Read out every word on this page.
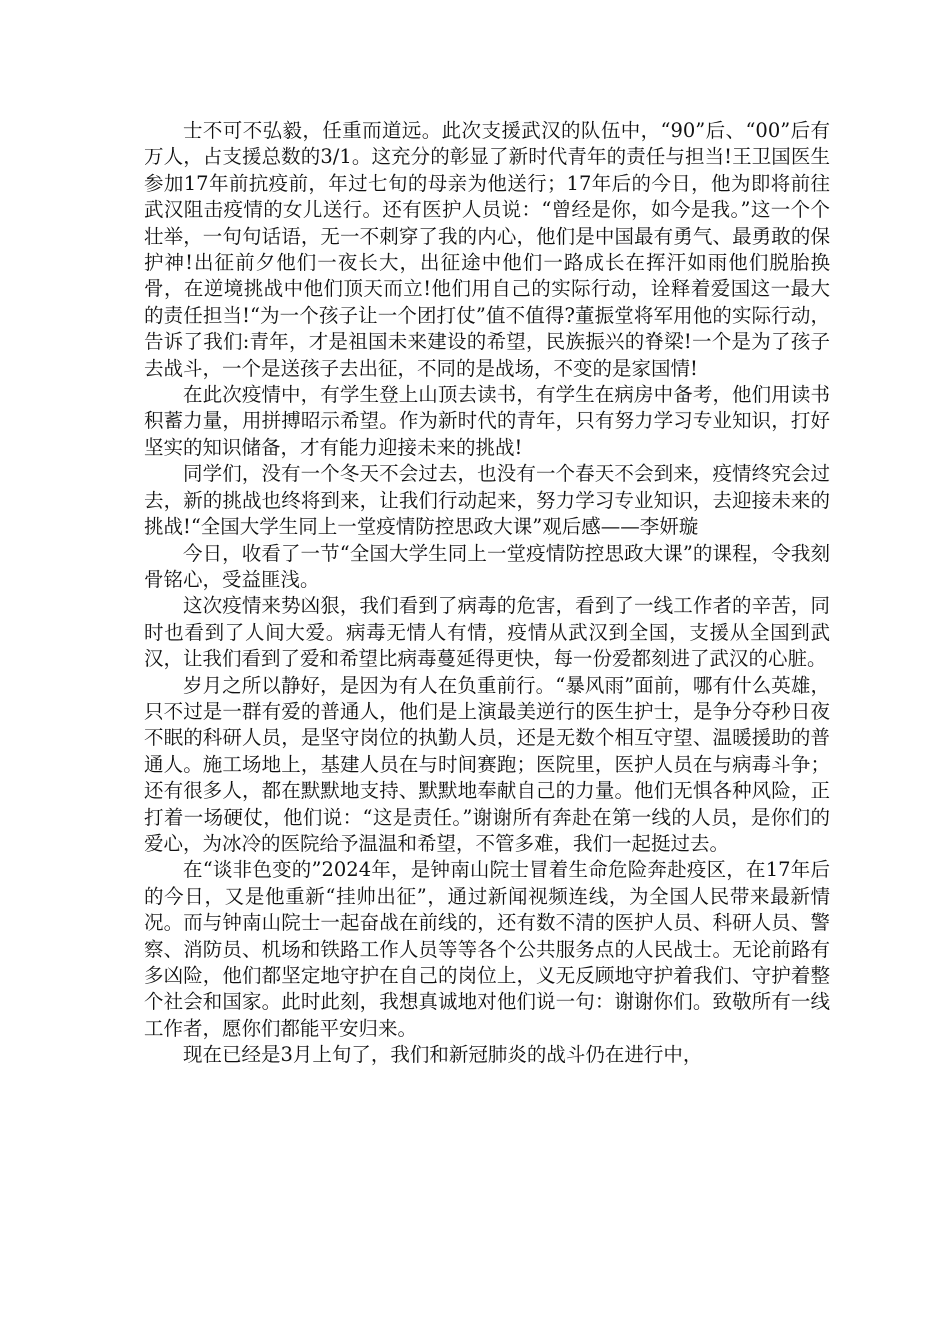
士不可不弘毅，任重而道远。此次支援武汉的队伍中，“90”后、“00”后有万人，占支援总数的3/1。这充分的彰显了新时代青年的责任与担当!王卫国医生参加17年前抗疫前，年过七旬的母亲为他送行；17年后的今日，他为即将前往武汉阻击疫情的女儿送行。还有医护人员说：“曾经是你，如今是我。”这一个个壮举，一句句话语，无一不刺穿了我的内心，他们是中国最有勇气、最勇敢的保护神!出征前夕他们一夜长大，出征途中他们一路成长在挥汗如雨他们脱胎换骨，在逆境挑战中他们顶天而立!他们用自己的实际行动，诠释着爱国这一最大的责任担当!“为一个孩子让一个团打仗”值不值得?董振堂将军用他的实际行动，告诉了我们:青年，才是祖国未来建设的希望，民族振兴的脊梁!一个是为了孩子去战斗，一个是送孩子去出征，不同的是战场，不变的是家国情!

在此次疫情中，有学生登上山顶去读书，有学生在病房中备考，他们用读书积蓄力量，用拼搏昭示希望。作为新时代的青年，只有努力学习专业知识，打好坚实的知识储备，才有能力迎接未来的挑战!

同学们，没有一个冬天不会过去，也没有一个春天不会到来，疫情终究会过去，新的挑战也终将到来，让我们行动起来，努力学习专业知识，去迎接未来的挑战!“全国大学生同上一堂疫情防控思政大课”观后感——李妍璇

今日，收看了一节“全国大学生同上一堂疫情防控思政大课”的课程，令我刻骨铭心，受益匪浅。

这次疫情来势凶狠，我们看到了病毒的危害，看到了一线工作者的辛苦，同时也看到了人间大爱。病毒无情人有情，疫情从武汉到全国，支援从全国到武汉，让我们看到了爱和希望比病毒蔓延得更快，每一份爱都刻进了武汉的心脏。

岁月之所以静好，是因为有人在负重前行。“暴风雨”面前，哪有什么英雄，只不过是一群有爱的普通人，他们是上演最美逆行的医生护士，是争分夺秒日夜不眠的科研人员，是坚守岗位的执勤人员，还是无数个相互守望、温暖援助的普通人。施工场地上，基建人员在与时间赛跑；医院里，医护人员在与病毒斗争；还有很多人，都在默默地支持、默默地奉献自己的力量。他们无惧各种风险，正打着一场硬仗，他们说：“这是责任。”谢谢所有奔赴在第一线的人员，是你们的爱心，为冰冷的医院给予温温和希望，不管多难，我们一起挺过去。

在“谈非色变的”2024年，是钟南山院士冒着生命危险奔赴疫区，在17年后的今日，又是他重新“挂帅出征”，通过新闻视频连线，为全国人民带来最新情况。而与钟南山院士一起奋战在前线的，还有数不清的医护人员、科研人员、警察、消防员、机场和铁路工作人员等等各个公共服务点的人民战士。无论前路有多凶险，他们都坚定地守护在自己的岗位上，义无反顾地守护着我们、守护着整个社会和国家。此时此刻，我想真诚地对他们说一句：谢谢你们。致敬所有一线工作者，愿你们都能平安归来。

现在已经是3月上旬了，我们和新冠肺炎的战斗仍在进行中，
